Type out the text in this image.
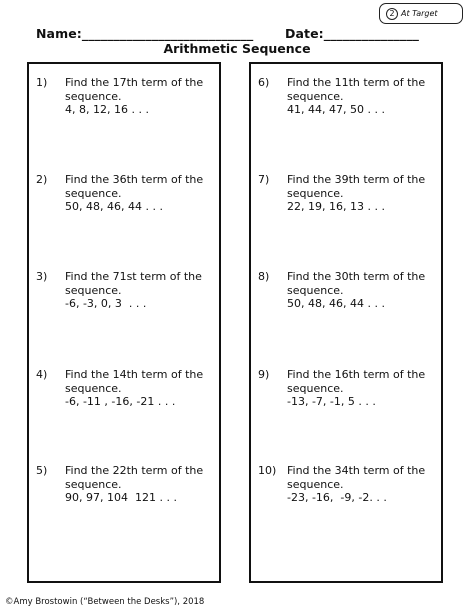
2 At Target
Name:___________________________	Date:_______________
Arithmetic Sequence
1) Find the 17th term of the
sequence.
4, 8, 12, 16 . . .
2) Find the 36th term of the
sequence.
50, 48, 46, 44 . . .
3) Find the 71st term of the
sequence.
-6, -3, 0, 3  . . .
4) Find the 14th term of the
sequence.
-6, -11 , -16, -21 . . .
5) Find the 22th term of the
sequence.
90, 97, 104  121 . . .
6) Find the 11th term of the
sequence.
41, 44, 47, 50 . . .
7) Find the 39th term of the
sequence.
22, 19, 16, 13 . . .
8) Find the 30th term of the
sequence.
50, 48, 46, 44 . . .
9) Find the 16th term of the
sequence.
-13, -7, -1, 5 . . .
10) Find the 34th term of the
sequence.
-23, -16,  -9, -2. . .
©Amy Brostowin (“Between the Desks”), 2018
